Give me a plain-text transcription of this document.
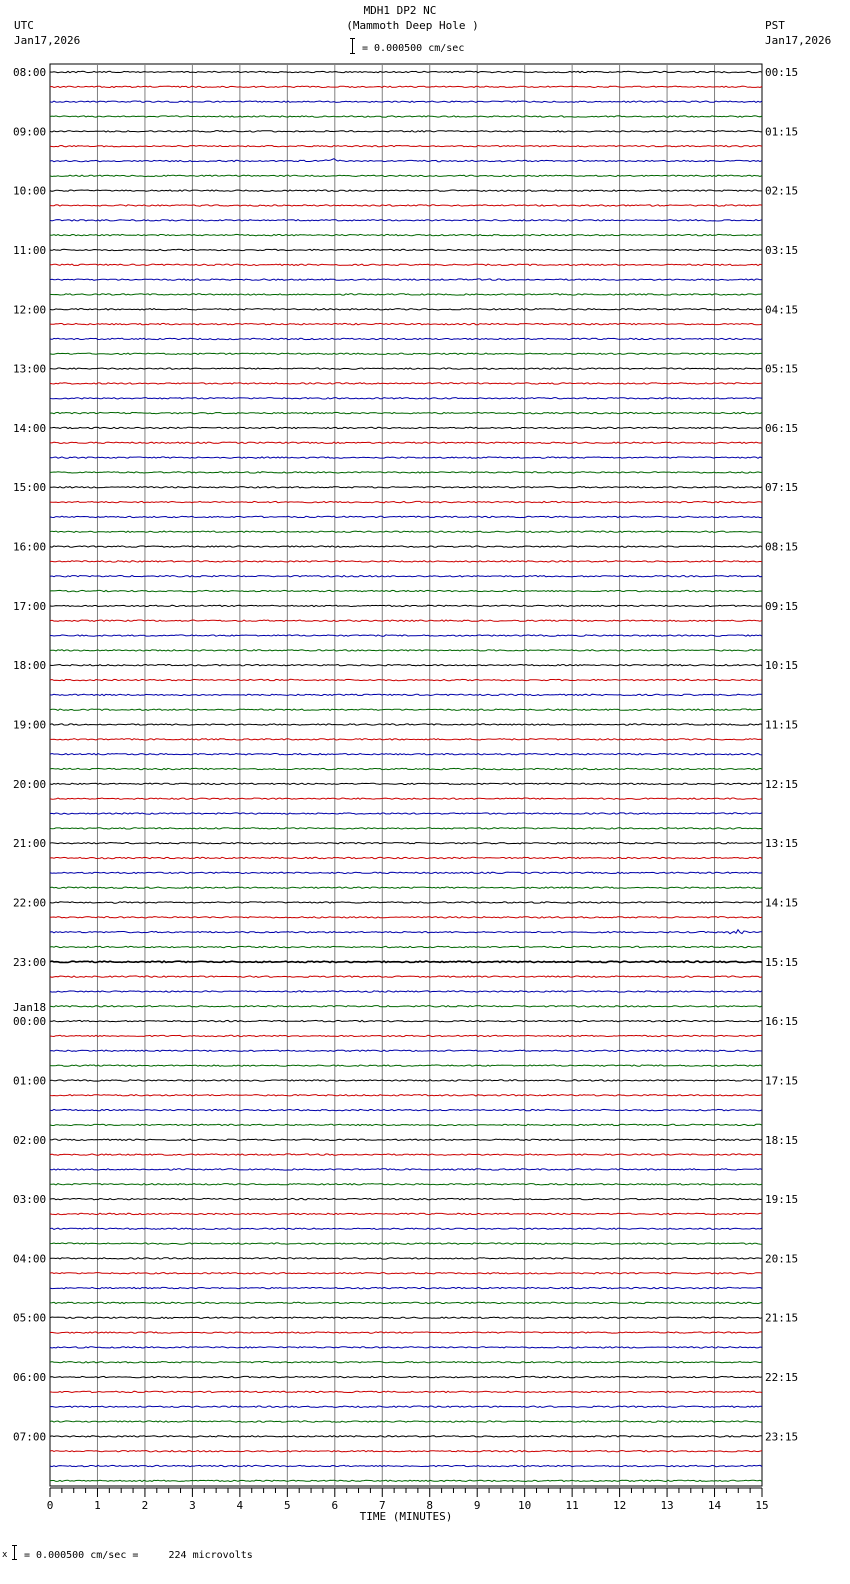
MDH1 DP2 NC
(Mammoth Deep Hole )
UTC
Jan17,2026
PST
Jan17,2026
= 0.000500 cm/sec
08:00
09:00
10:00
11:00
12:00
13:00
14:00
15:00
16:00
17:00
18:00
19:00
20:00
21:00
22:00
23:00
00:00
01:00
02:00
03:00
04:00
05:00
06:00
07:00
Jan18
00:15
01:15
02:15
03:15
04:15
05:15
06:15
07:15
08:15
09:15
10:15
11:15
12:15
13:15
14:15
15:15
16:15
17:15
18:15
19:15
20:15
21:15
22:15
23:15
0	1	2	3	4	5	6	7	8	9	10	11	12	13	14	15
TIME (MINUTES)
x = 0.000500 cm/sec =     224 microvolts
